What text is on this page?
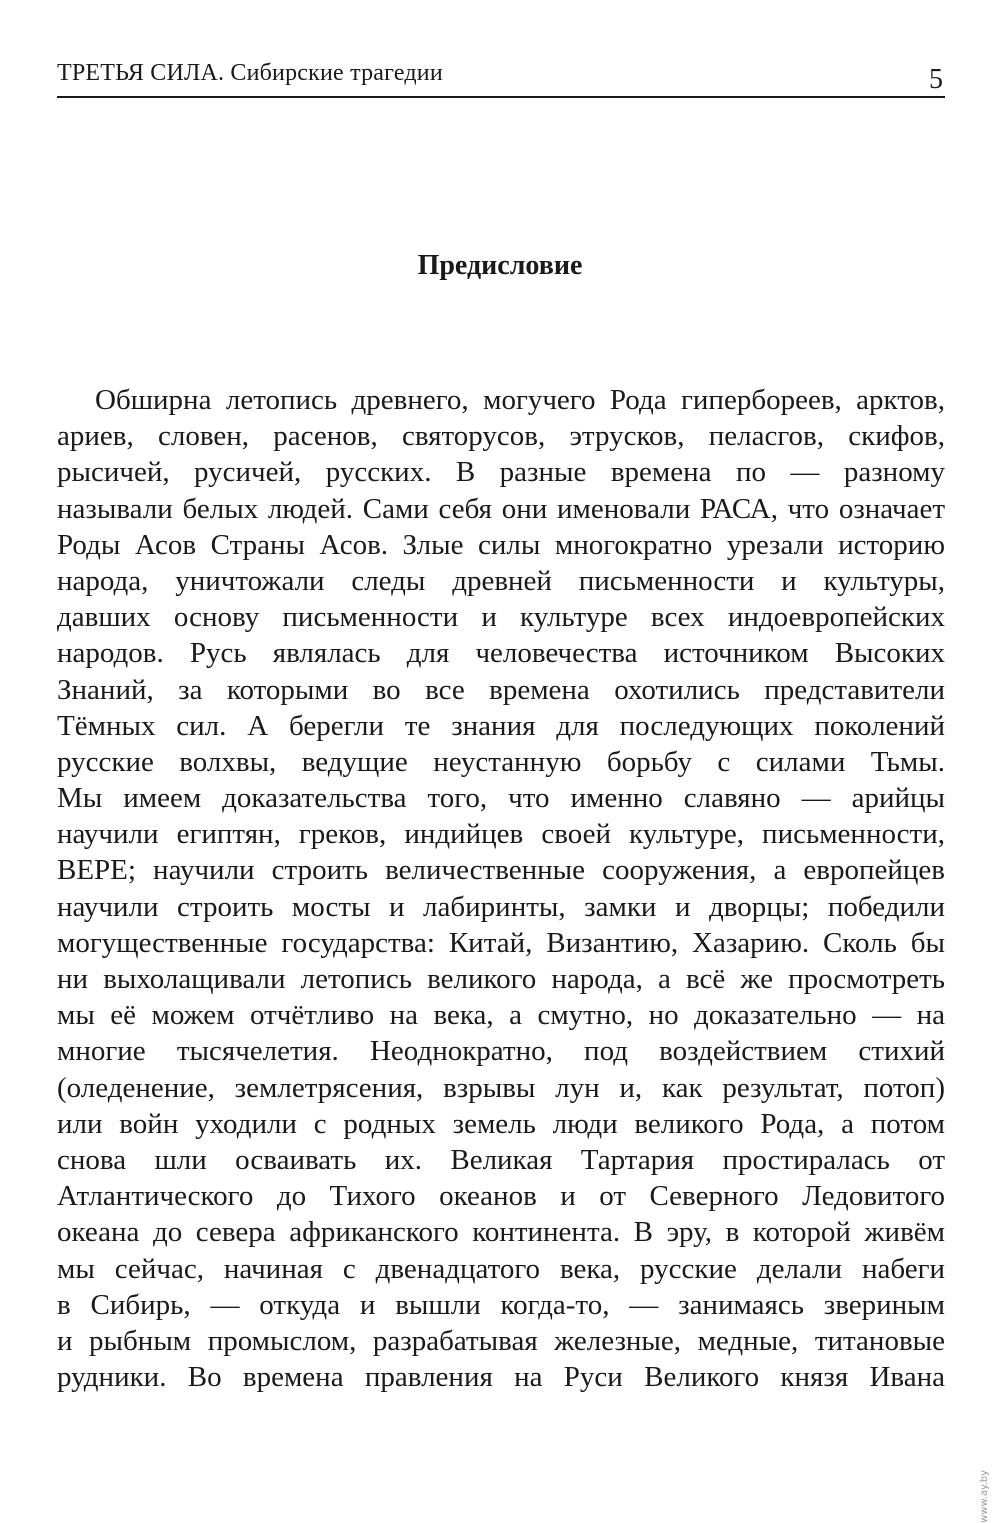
ТРЕТЬЯ СИЛА. Сибирские трагедии	5
Предисловие
Обширна летопись древнего, могучего Рода гипербореев, арктов,
ариев, словен, расенов, святорусов, этрусков, пеласгов, скифов,
рысичей, русичей, русских. В разные времена по — разному
называли белых людей. Сами себя они именовали РАСА, что означает
Роды Асов Страны Асов. Злые силы многократно урезали историю
народа, уничтожали следы древней письменности и культуры,
давших основу письменности и культуре всех индоевропейских
народов. Русь являлась для человечества источником Высоких
Знаний, за которыми во все времена охотились представители
Тёмных сил. А берегли те знания для последующих поколений
русские волхвы, ведущие неустанную борьбу с силами Тьмы.
Мы имеем доказательства того, что именно славяно — арийцы
научили египтян, греков, индийцев своей культуре, письменности,
ВЕРЕ; научили строить величественные сооружения, а европейцев
научили строить мосты и лабиринты, замки и дворцы; победили
могущественные государства: Китай, Византию, Хазарию. Сколь бы
ни выхолащивали летопись великого народа, а всё же просмотреть
мы её можем отчётливо на века, а смутно, но доказательно — на
многие тысячелетия. Неоднократно, под воздействием стихий
(оледенение, землетрясения, взрывы лун и, как результат, потоп)
или войн уходили с родных земель люди великого Рода, а потом
снова шли осваивать их. Великая Тартария простиралась от
Атлантического до Тихого океанов и от Северного Ледовитого
океана до севера африканского континента. В эру, в которой живём
мы сейчас, начиная с двенадцатого века, русские делали набеги
в Сибирь, — откуда и вышли когда-то, — занимаясь звериным
и рыбным промыслом, разрабатывая железные, медные, титановые
рудники. Во времена правления на Руси Великого князя Ивана
www.ay.by
